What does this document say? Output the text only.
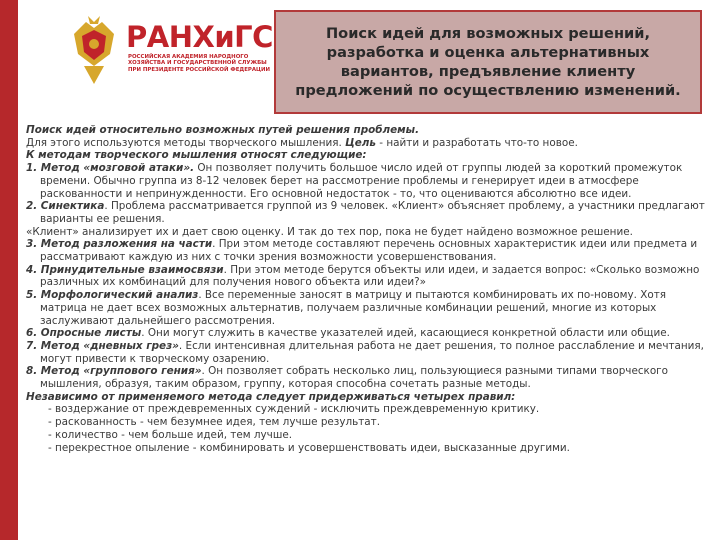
РАНХиГС
РОССИЙСКАЯ АКАДЕМИЯ НАРОДНОГО ХОЗЯЙСТВА И ГОСУДАРСТВЕННОЙ СЛУЖБЫ ПРИ ПРЕЗИДЕНТЕ РОССИЙСКОЙ ФЕДЕРАЦИИ
Поиск идей для возможных решений, разработка и оценка альтернативных вариантов, предъявление клиенту предложений по осуществлению изменений.

Поиск идей относительно возможных путей решения проблемы.

Для этого используются методы творческого мышления. Цель - найти и разработать что-то новое.

К методам творческого мышления относят следующие:

1. Метод «мозговой атаки». Он позволяет получить большое число идей от группы людей за короткий промежуток времени. Обычно группа из 8-12 человек берет на рассмотрение проблемы и генерирует идеи в атмосфере раскованности и непринужденности. Его основной недостаток - то, что оцениваются абсолютно все идеи.

2. Синектика. Проблема рассматривается группой из 9 человек. «Клиент» объясняет проблему, а участники предлагают варианты ее решения.

«Клиент» анализирует их и дает свою оценку. И так до тех пор, пока не будет найдено возможное решение.

3. Метод разложения на части. При этом методе составляют перечень основных характеристик идеи или предмета и рассматривают каждую из них с точки зрения возможности усовершенствования.

4. Принудительные взаимосвязи. При этом методе берутся объекты или идеи, и задается вопрос: «Сколько возможно различных их комбинаций для получения нового объекта или идеи?»

5. Морфологический анализ. Все переменные заносят в матрицу и пытаются комбинировать их по-новому. Хотя матрица не дает всех возможных альтернатив, получаем различные комбинации решений, многие из которых заслуживают дальнейшего рассмотрения.

6. Опросные листы. Они могут служить в качестве указателей идей, касающиеся конкретной области или общие.

7. Метод «дневных грез». Если интенсивная длительная работа не дает решения, то полное расслабление и мечтания, могут привести к творческому озарению.

8. Метод «группового гения». Он позволяет собрать несколько лиц, пользующиеся разными типами творческого мышления, образуя, таким образом, группу, которая способна сочетать разные методы.

Независимо от применяемого метода следует придерживаться четырех правил:

- воздержание от преждевременных суждений - исключить преждевременную критику.

- раскованность - чем безумнее идея, тем лучше результат.

- количество - чем больше идей, тем лучше.

- перекрестное опыление - комбинировать и усовершенствовать идеи, высказанные другими.
